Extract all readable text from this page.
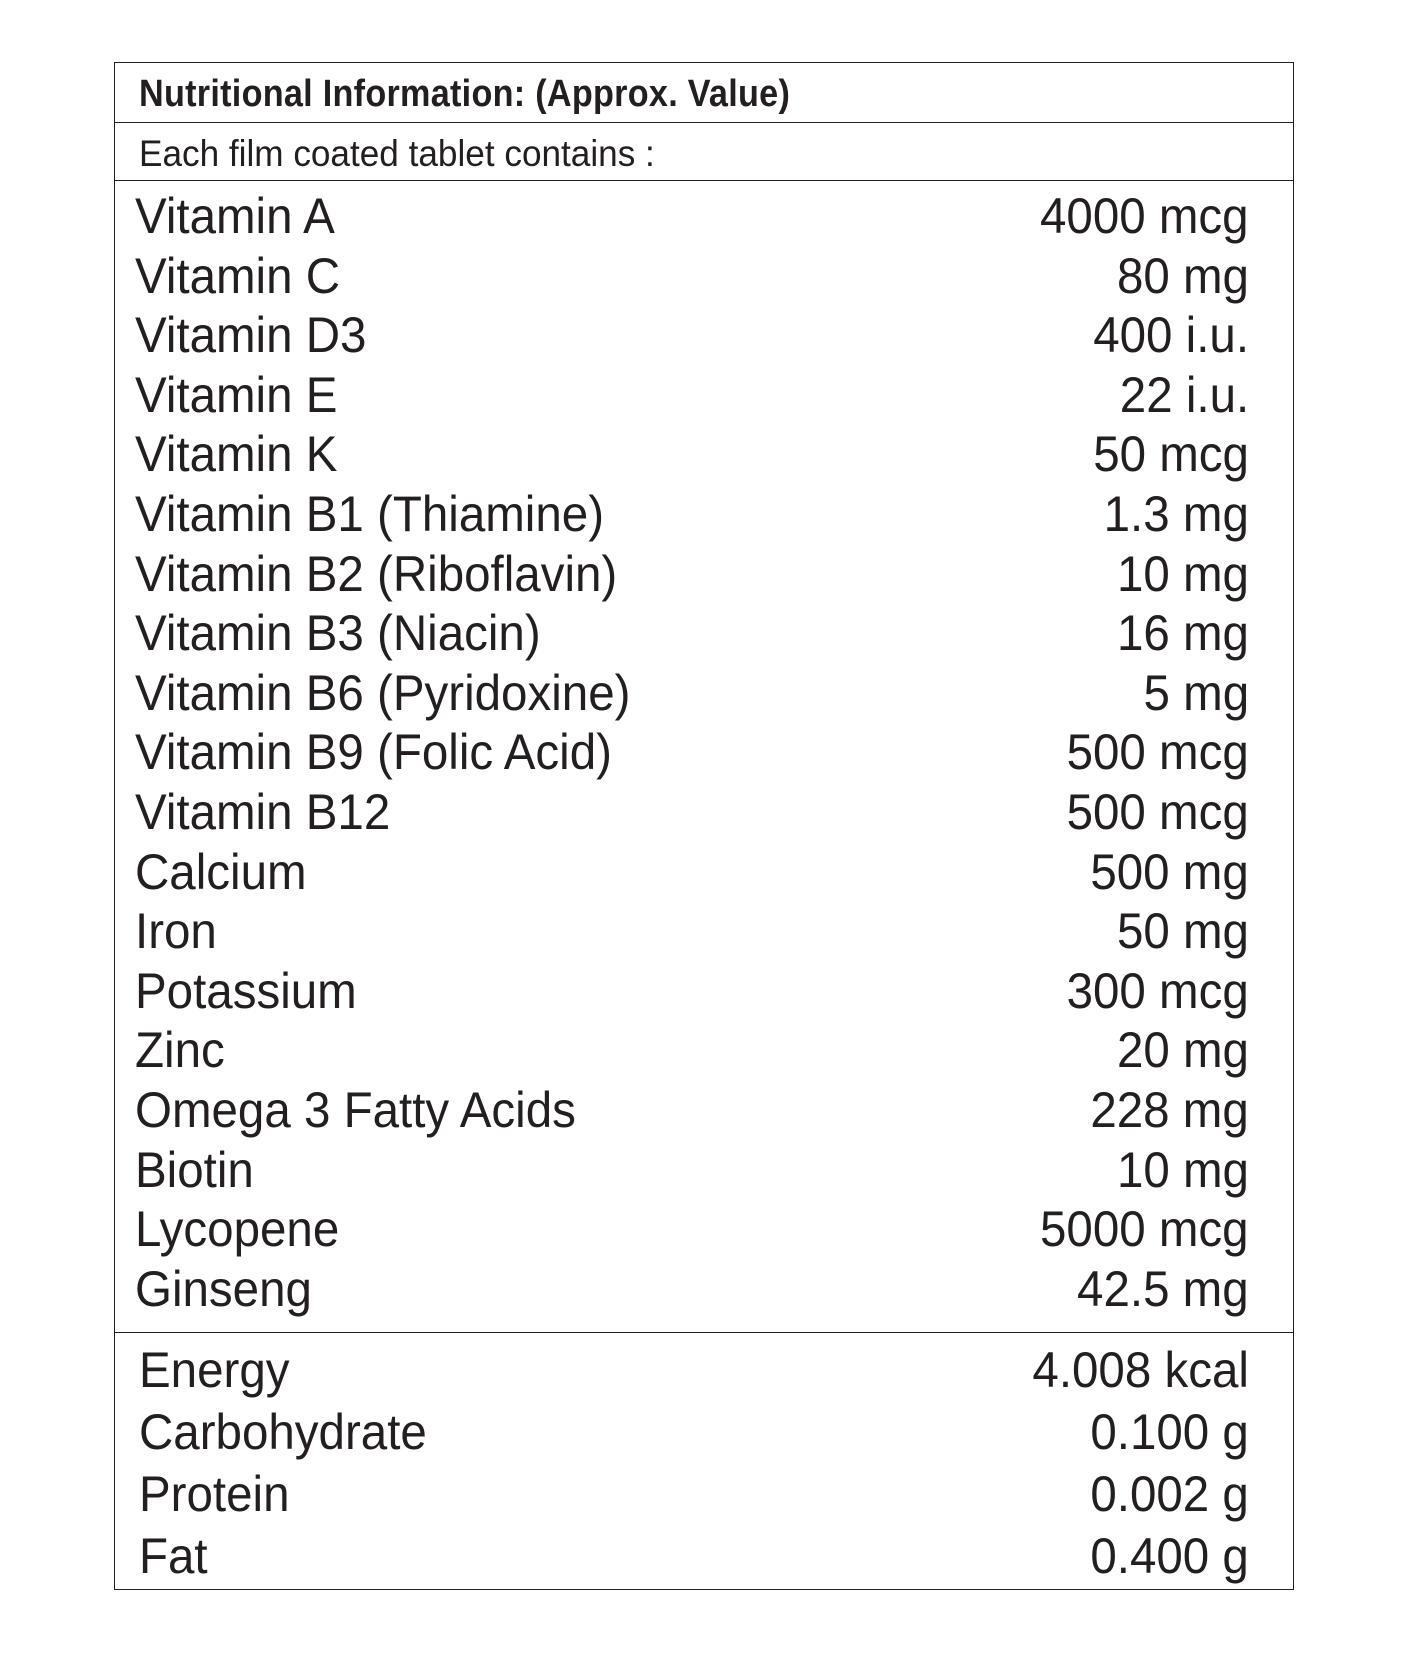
Nutritional Information: (Approx. Value)
Each film coated tablet contains :
Vitamin A	4000 mcg
Vitamin C	80 mg
Vitamin D3	400 i.u.
Vitamin E	22 i.u.
Vitamin K	50 mcg
Vitamin B1 (Thiamine)	1.3 mg
Vitamin B2 (Riboflavin)	10 mg
Vitamin B3 (Niacin)	16 mg
Vitamin B6 (Pyridoxine)	5 mg
Vitamin B9 (Folic Acid)	500 mcg
Vitamin B12	500 mcg
Calcium	500 mg
Iron	50 mg
Potassium	300 mcg
Zinc	20 mg
Omega 3 Fatty Acids	228 mg
Biotin	10 mg
Lycopene	5000 mcg
Ginseng	42.5 mg
Energy	4.008 kcal
Carbohydrate	0.100 g
Protein	0.002 g
Fat	0.400 g
